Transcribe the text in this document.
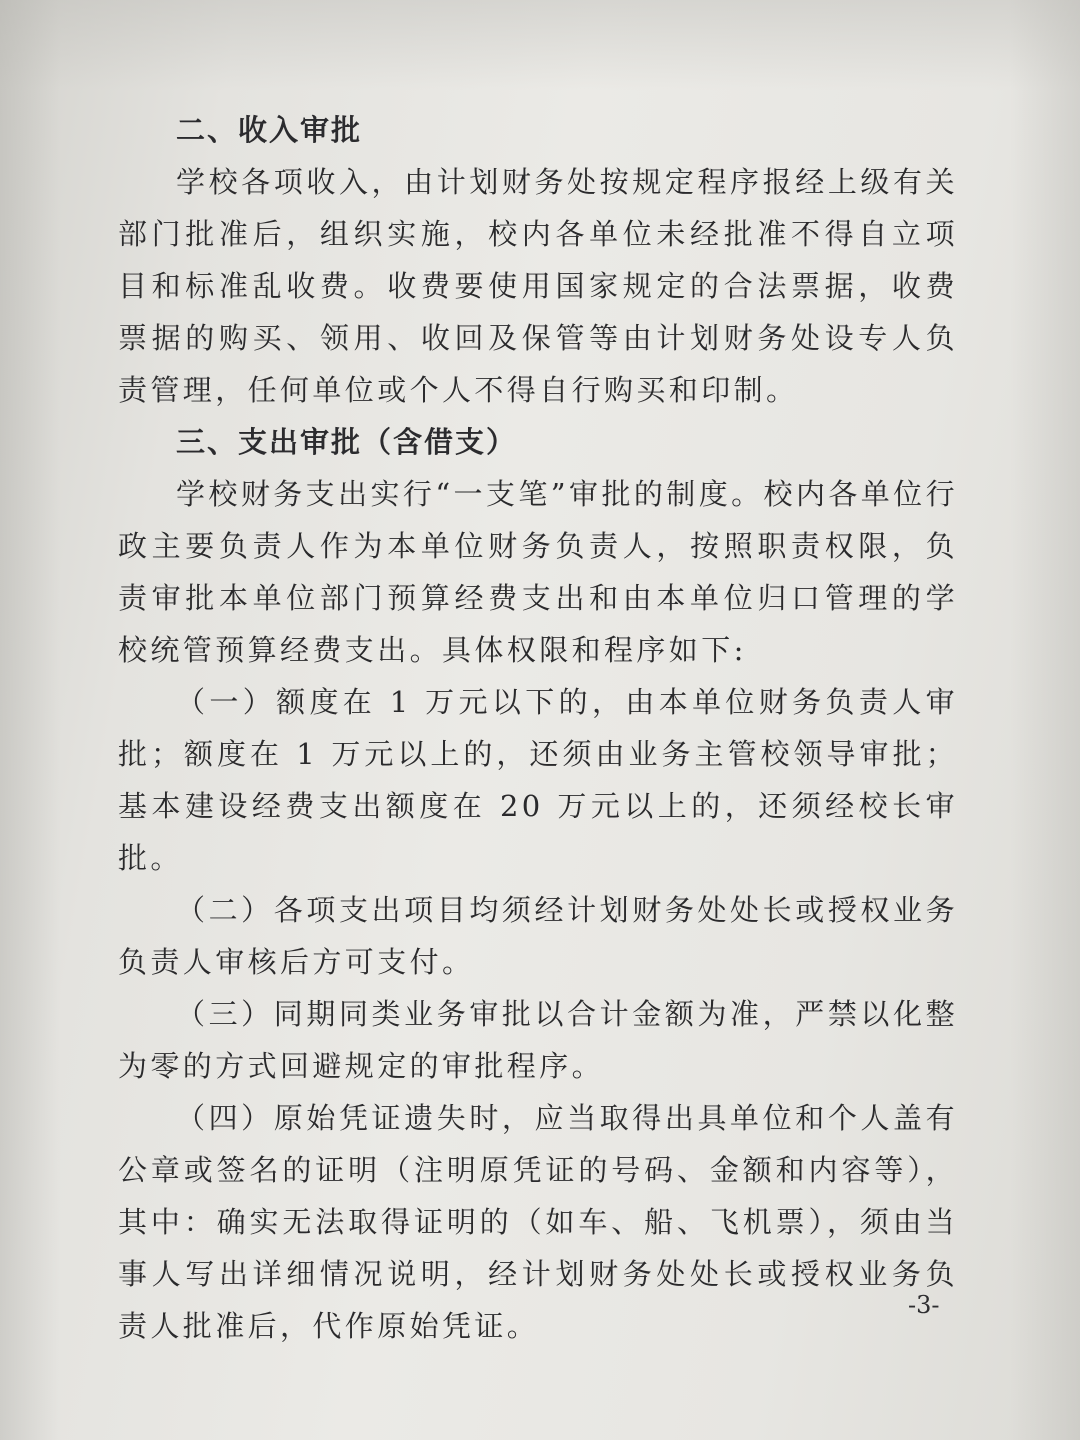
二、收入审批

学校各项收入，由计划财务处按规定程序报经上级有关部门批准后，组织实施，校内各单位未经批准不得自立项目和标准乱收费。收费要使用国家规定的合法票据，收费票据的购买、领用、收回及保管等由计划财务处设专人负责管理，任何单位或个人不得自行购买和印制。

三、支出审批（含借支）

学校财务支出实行“一支笔”审批的制度。校内各单位行政主要负责人作为本单位财务负责人，按照职责权限，负责审批本单位部门预算经费支出和由本单位归口管理的学校统管预算经费支出。具体权限和程序如下:

（一）额度在 1 万元以下的，由本单位财务负责人审批；额度在 1 万元以上的，还须由业务主管校领导审批；基本建设经费支出额度在 20 万元以上的，还须经校长审批。

（二）各项支出项目均须经计划财务处处长或授权业务负责人审核后方可支付。

（三）同期同类业务审批以合计金额为准，严禁以化整为零的方式回避规定的审批程序。

（四）原始凭证遗失时，应当取得出具单位和个人盖有公章或签名的证明（注明原凭证的号码、金额和内容等），其中：确实无法取得证明的（如车、船、飞机票），须由当事人写出详细情况说明，经计划财务处处长或授权业务负责人批准后，代作原始凭证。

-3-
